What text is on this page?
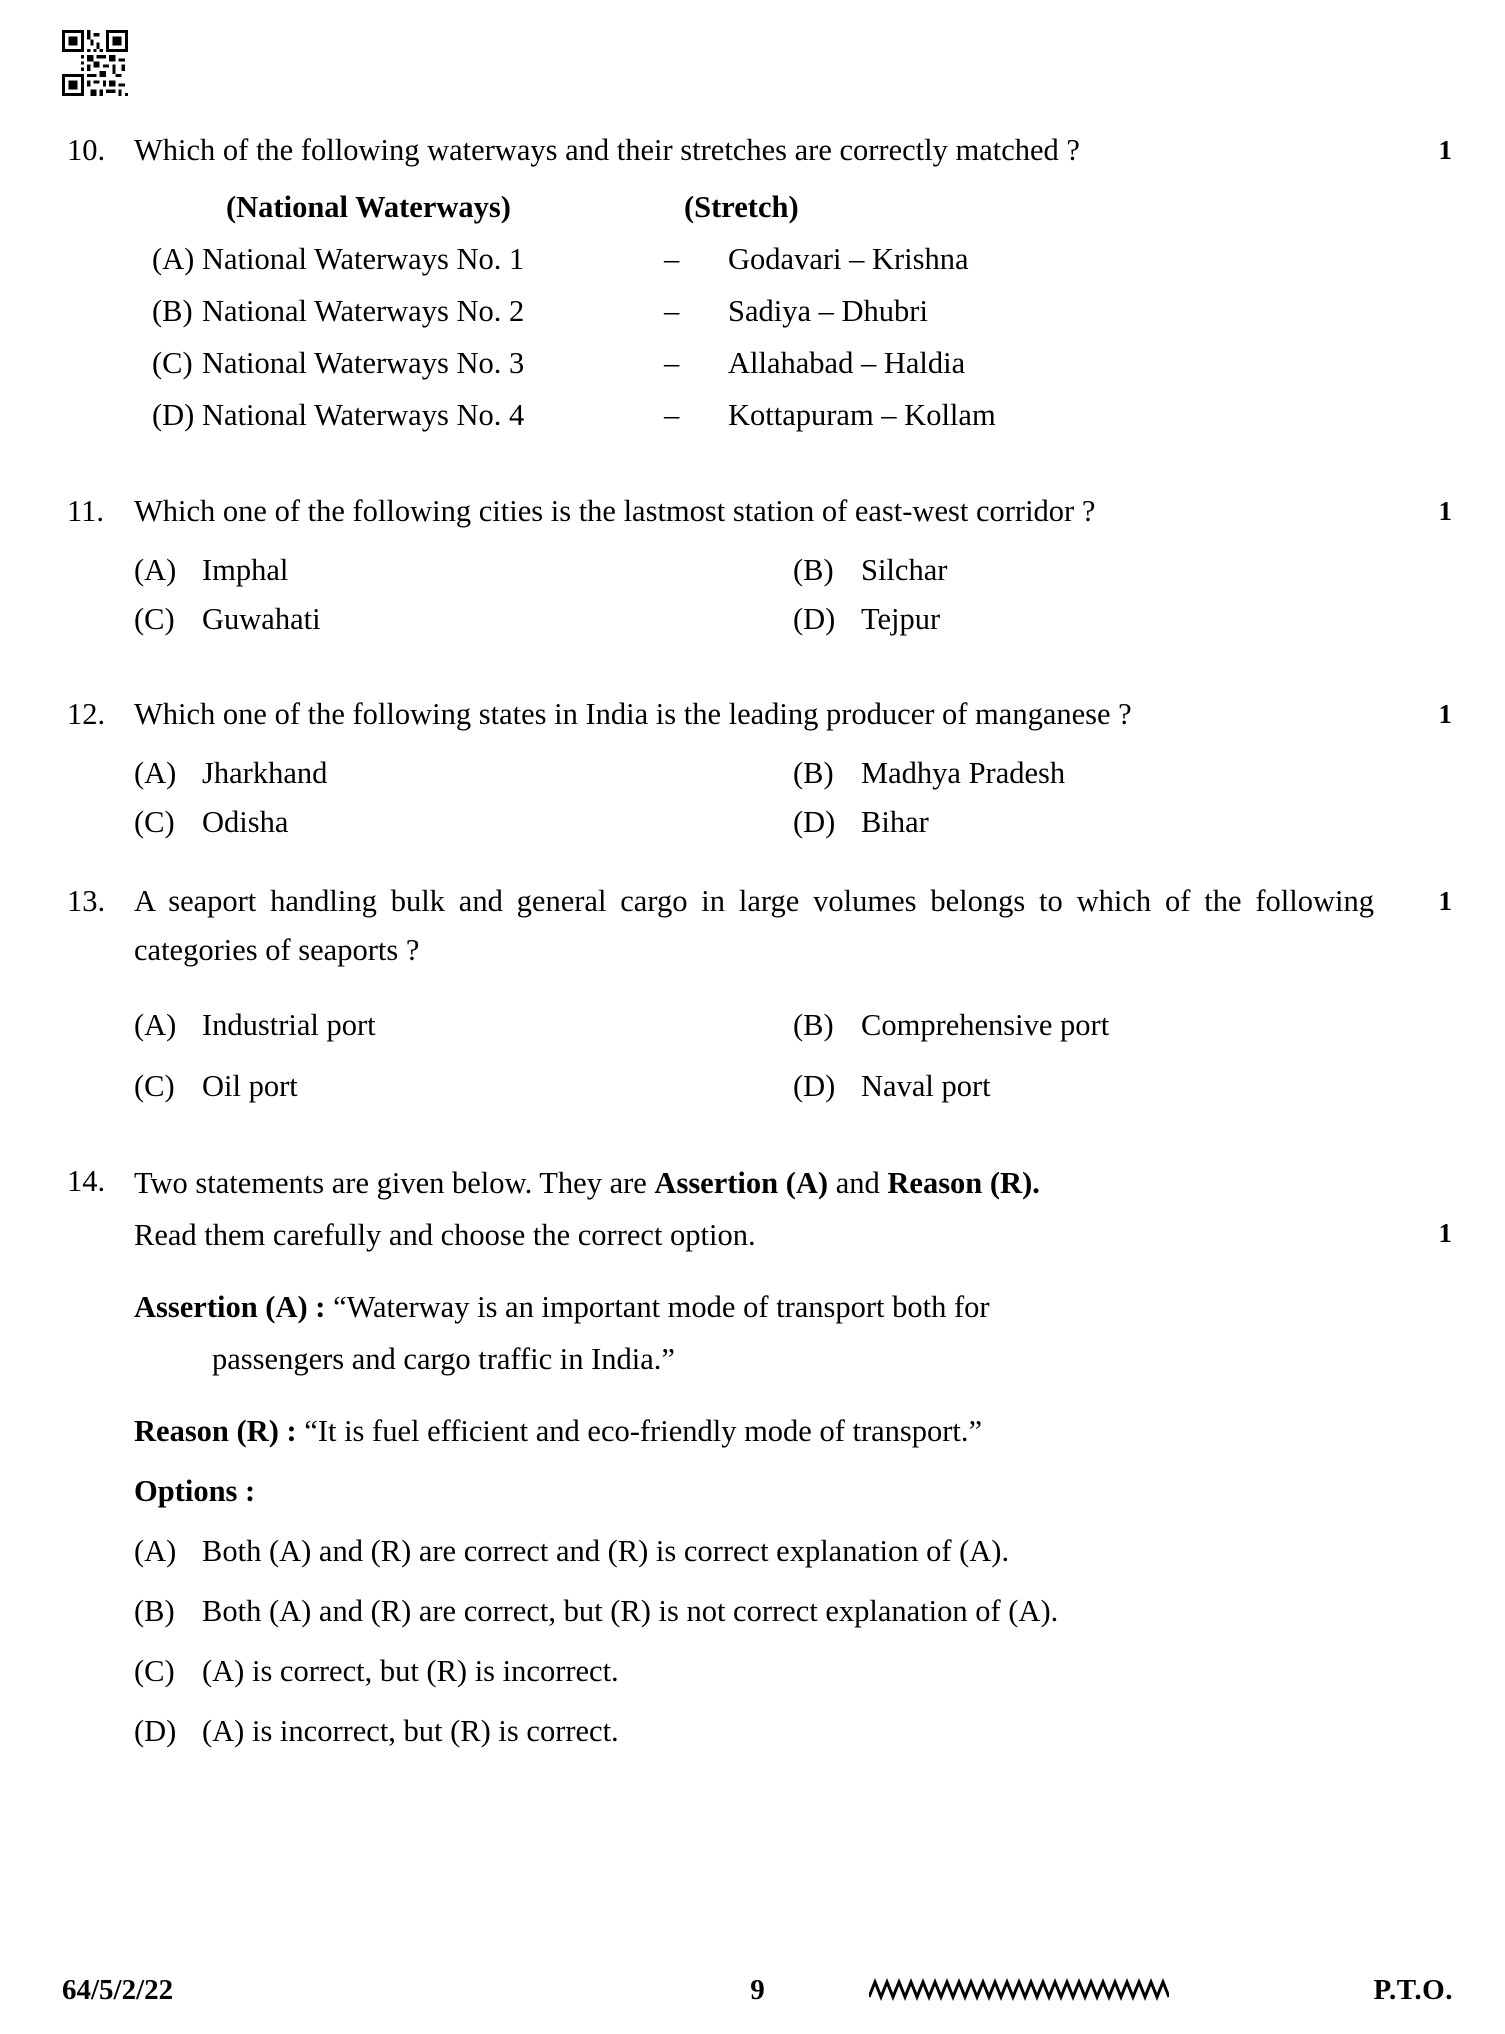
10.	1
Which of the following waterways and their stretches are correctly matched ?
(National Waterways)	(Stretch)
(A) National Waterways No. 1	–	Godavari – Krishna
(B) National Waterways No. 2	–	Sadiya – Dhubri
(C) National Waterways No. 3	–	Allahabad – Haldia
(D) National Waterways No. 4	–	Kottapuram – Kollam
11.	1
Which one of the following cities is the lastmost station of east-west corridor ?
(A) Imphal	(B) Silchar
(C) Guwahati	(D) Tejpur
12.	1
Which one of the following states in India is the leading producer of manganese ?
(A) Jharkhand	(B) Madhya Pradesh
(C) Odisha	(D) Bihar
13.	1
A seaport handling bulk and general cargo in large volumes belongs to which of the following categories of seaports ?
(A) Industrial port	(B) Comprehensive port
(C) Oil port	(D) Naval port
14.
1
Two statements are given below. They are Assertion (A) and Reason (R).
Read them carefully and choose the correct option.
Assertion (A) : “Waterway is an important mode of transport both for
passengers and cargo traffic in India.”
Reason (R) : “It is fuel efficient and eco-friendly mode of transport.”
Options :
(A) Both (A) and (R) are correct and (R) is correct explanation of (A).
(B) Both (A) and (R) are correct, but (R) is not correct explanation of (A).
(C) (A) is correct, but (R) is incorrect.
(D) (A) is incorrect, but (R) is correct.
64/5/2/22	9	P.T.O.
